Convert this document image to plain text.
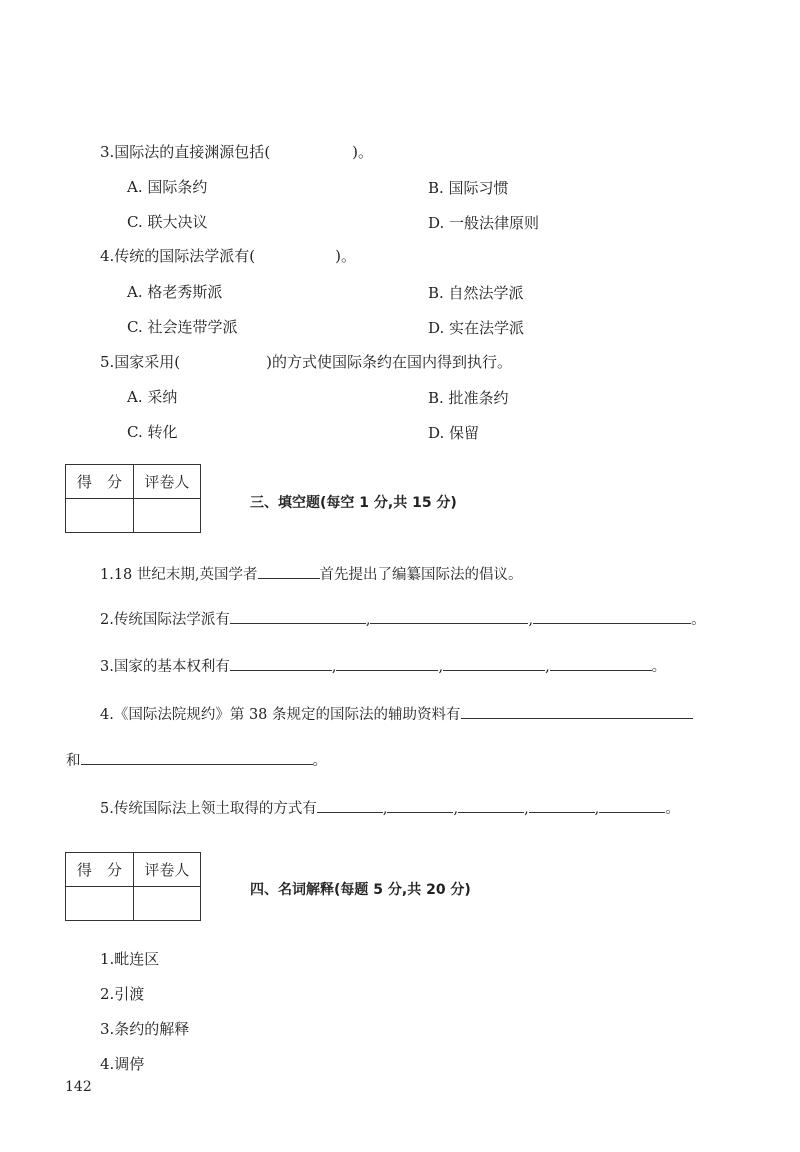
3.国际法的直接渊源包括(	)。
A. 国际条约	B. 国际习惯
C. 联大决议	D. 一般法律原则
4.传统的国际法学派有(	)。
A. 格老秀斯派	B. 自然法学派
C. 社会连带学派	D. 实在法学派
5.国家采用(	)的方式使国际条约在国内得到执行。
A. 采纳	B. 批准条约
C. 转化	D. 保留
得　分	评卷人

三、填空题(每空 1 分,共 15 分)
1.18 世纪末期,英国学者	首先提出了编纂国际法的倡议。
2.传统国际法学派有	,	,	。
3.国家的基本权利有	,	,	,	。
4.《国际法院规约》第 38 条规定的国际法的辅助资料有
和	。
5.传统国际法上领土取得的方式有	,	,	,	,	。
得　分	评卷人

四、名词解释(每题 5 分,共 20 分)
1.毗连区
2.引渡
3.条约的解释
4.调停
142
